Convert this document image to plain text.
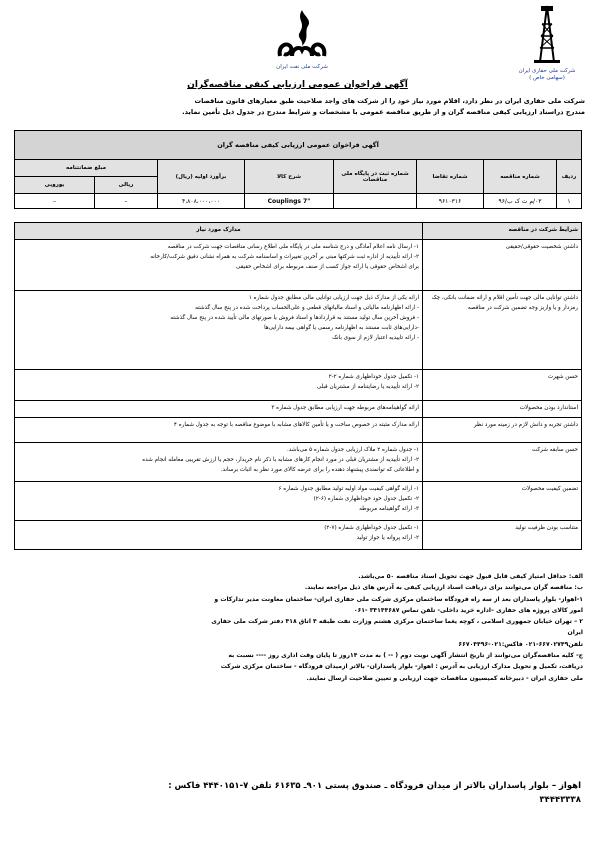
شرکت ملی حفاری ایران
(سهامی خاص )
شرکت ملی نفت ایران
آگهی فراخوان عمومی ارزیابی کیفی مناقصه‌گران
شرکت ملی حفاری ایران در نظر دارد، اقلام مورد نیاز خود را از شرکت های واجد صلاحیت طبق معیارهای قانون مناقصات
مندرج دراسناد ارزیابی کیفی مناقصه گران و از طریق مناقصه عمومی با مشخصات و شرایط مندرج در جدول ذیل تأمین نماید.
آگهی فراخوان عمومی ارزیابی کیفی مناقصه گران							
ردیف	شماره مناقصه	شماره تقاضا	شماره ثبت در پایگاه ملی مناقصات	شرح کالا	برآورد اولیه (ریال)	مبلغ ضمانتنامه	
						ریالی	یورویی
۱	۰۳/م ت ک ب/۹۶	۹۶۱۰۳۱۶		Couplings 7"	۴،۸۰۸،۰۰۰،۰۰۰	–	–
شرایط شرکت در مناقصه	مدارک مورد نیاز
داشتن شخصیت حقوقی/حقیقی	۱- ارسال نامه اعلام آمادگی و درج شناسه ملی در پایگاه ملی اطلاع رسانی مناقصات جهت شرکت در مناقصه
۲- ارائه تأییدیه از اداره ثبت شرکتها مبنی بر آخرین تغییرات و اساسنامه شرکت به همراه نشانی دقیق شرکت/کارخانه
برای اشخاص حقوقی یا ارائه جواز کسب از صنف مربوطه برای اشخاص حقیقی

داشتن توانایی مالی جهت تأمین اقلام و ارائه ضمانت بانکی، چک رمزدار و یا واریز وجه تضمین شرکت در مناقصه	ارائه یکی از مدارک ذیل جهت ارزیابی توانایی مالی مطابق جدول شماره ۱
- ارائه اظهارنامه مالیاتی و اسناد مالیاتهای قطعی و علی‌الحساب پرداخت شده در پنج سال گذشته
- فروش آخرین سال تولید مستند به قراردادها و اسناد فروش یا صورتهای مالی تأیید شده در پنج سال گذشته
-دارایی‌های ثابت مستند به اظهارنامه رسمی یا گواهی بیمه دارایی‌ها
- ارائه تاییدیه اعتبار لازم از سوی بانک

حسن شهرت	۱- تکمیل جدول خوداظهاری شماره ۲-۲
۲- ارائه تأییدیه یا رضایتنامه از مشتریان قبلی

استاندارد بودن محصولات	ارائه گواهینامه‌های مربوطه جهت ارزیابی مطابق جدول شماره ۳

داشتن تجربه و دانش لازم در زمینه مورد نظر	ارائه مدارک مثبته در خصوص ساخت و یا تأمین کالاهای مشابه با موضوع مناقصه با توجه به جدول شماره ۴

حسن سابقه شرکت	۱- جدول شماره ۲ ملاک ارزیابی جدول شماره ۵ می‌باشد.
۲- ارائه تأییدیه از مشتریان قبلی در مورد انجام کارهای مشابه با ذکر نام خریدار، حجم یا ارزش تقریبی معامله انجام شده
و اطلاعاتی که توانمندی پیشنهاد دهنده را برای عرضه کالای مورد نظر به اثبات برساند.

تضمین کیفیت محصولات	۱- ارائه گواهی کیفیت مواد اولیه تولید مطابق جدول شماره ۶
۲- تکمیل جدول خود خوداظهاری شماره (۶-۲)
۳- ارائه گواهینامه مربوطه

متناسب بودن ظرفیت تولید	۱- تکمیل جدول خوداظهاری شماره (۷-۲)
۲- ارائه پروانه یا جواز تولید
الف: حداقل امتیاز کیفی قابل قبول جهت تحویل اسناد مناقصه ۵۰ می‌باشد.
ب: مناقصه گران می‌توانند برای دریافت اسناد ارزیابی کیفی به آدرس های ذیل مراجعه نمایند.
۱-اهواز- بلوار پاسداران بعد از سه راه فرودگاه ساختمان مرکزی شرکت ملی حفاری ایران- ساختمان معاونت مدیر تدارکات و
امور کالای پروژه های حفاری –اداره خرید داخلی- تلفن تماس ۳۴۱۴۴۶۸۷ -۰۶۱
۲ – تهران خیابان جمهوری اسلامی ، کوچه یغما ساختمان مرکزی هشتم وزارت نفت طبقه ۴ اتاق ۴۱۸ دفتر شرکت ملی حفاری
ایران
تلفن۶۶۷۰۲۷۴۹-۰۲۱ فاکس:۰۲۱-۶۶۷۰۴۴۹۶
ج- کلیه مناقصه‌گران می‌توانند از تاریخ انتشار آگهی نوبت دوم ( -- ) به مدت ۱۴روز تا پایان وقت اداری روز ---- نسبت به
دریافت، تکمیل و تحویل مدارک ارزیابی به آدرس : اهواز- بلوار پاسداران- بالاتر ازمیدان فرودگاه - ساختمان مرکزی شرکت
ملی حفاری ایران - دبیرخانه کمیسیون مناقصات جهت ارزیابی و تعیین صلاحیت ارسال نمایند.
اهواز – بلوار پاسداران بالاتر از میدان فرودگاه ـ صندوق پستی ۹۰۱ـ ۶۱۶۳۵ تلفن ۷-۴۴۴۰۱۵۱ فاکس :
۳۴۴۴۳۳۳۸
